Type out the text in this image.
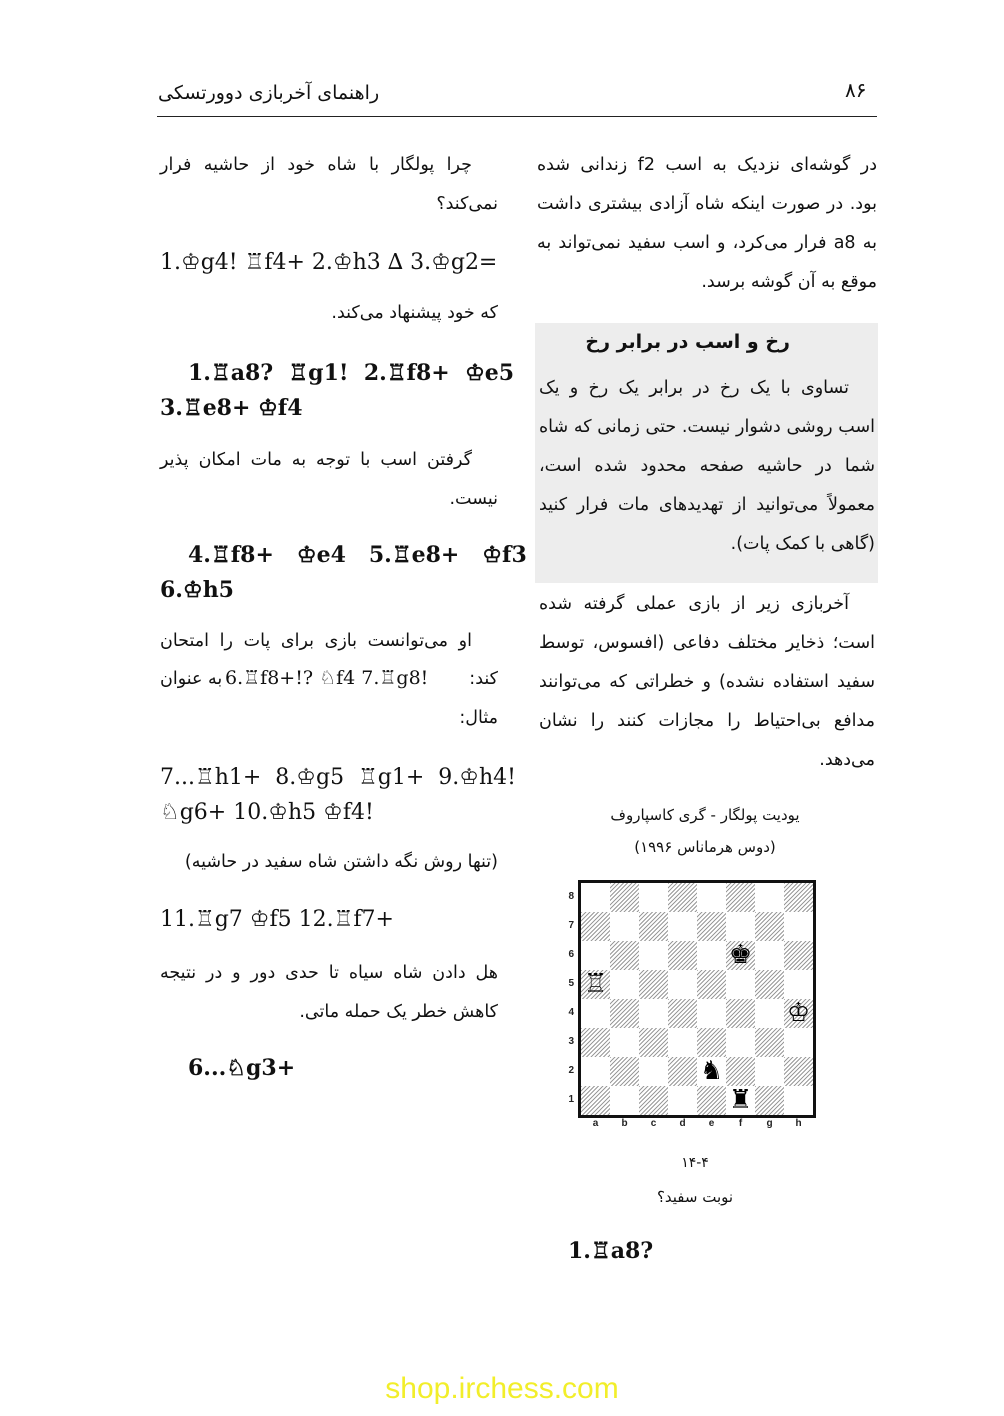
۸۶
راهنمای آخربازی دوورتسکی

در گوشه‌ای نزدیک به اسب f2 زندانی شده

بود. در صورت اینکه شاه آزادی بیشتری داشت

به a8 فرار می‌کرد، و اسب سفید نمی‌تواند به

موقع به آن گوشه برسد.

رخ و اسب در برابر رخ

تساوی با یک رخ در برابر یک رخ و یک

اسب روشی دشوار نیست. حتی زمانی که شاه

شما در حاشیه صفحه محدود شده است،

معمولاً می‌توانید از تهدیدهای مات فرار کنید

(گاهی با کمک پات).

آخربازی زیر از بازی عملی گرفته شده

است؛ ذخایر مختلف دفاعی (افسوس، توسط

سفید استفاده نشده) و خطراتی که می‌توانند

مدافع بی‌احتیاط را مجازات کنند را نشان

می‌دهد.

یودیت پولگار - گری کاسپاروف
(دوس هرماناس ۱۹۹۶)
♚
♖
♔
♞
♜
8
7
6
5
4
3
2
1
a	b	c	d	e	f	g	h
۱۴-۴
نوبت سفید؟
1.♖a8?

چرا پولگار با شاه خود از حاشیه فرار

نمی‌کند؟

1.♔g4! ♖f4+ 2.♔h3 ∆ 3.♔g2=
که خود پیشنهاد می‌کند.
1.♖a8?  ♖g1!  2.♖f8+  ♔e5
3.♖e8+ ♔f4

گرفتن اسب با توجه به مات امکان پذیر

نیست.

4.♖f8+   ♔e4   5.♖e8+   ♔f3
6.♔h5

او می‌توانست بازی برای پات را امتحان

کند:
6.♖f8+!? ♘f4 7.♖g8!
به عنوان
مثال:
7...♖h1+  8.♔g5  ♖g1+  9.♔h4!
♘g6+ 10.♔h5 ♔f4!
(تنها روش نگه داشتن شاه سفید در حاشیه)
11.♖g7 ♔f5 12.♖f7+

هل دادن شاه سیاه تا حدی دور و در نتیجه

کاهش خطر یک حمله ماتی.

6...♘g3+
shop.irchess.com
